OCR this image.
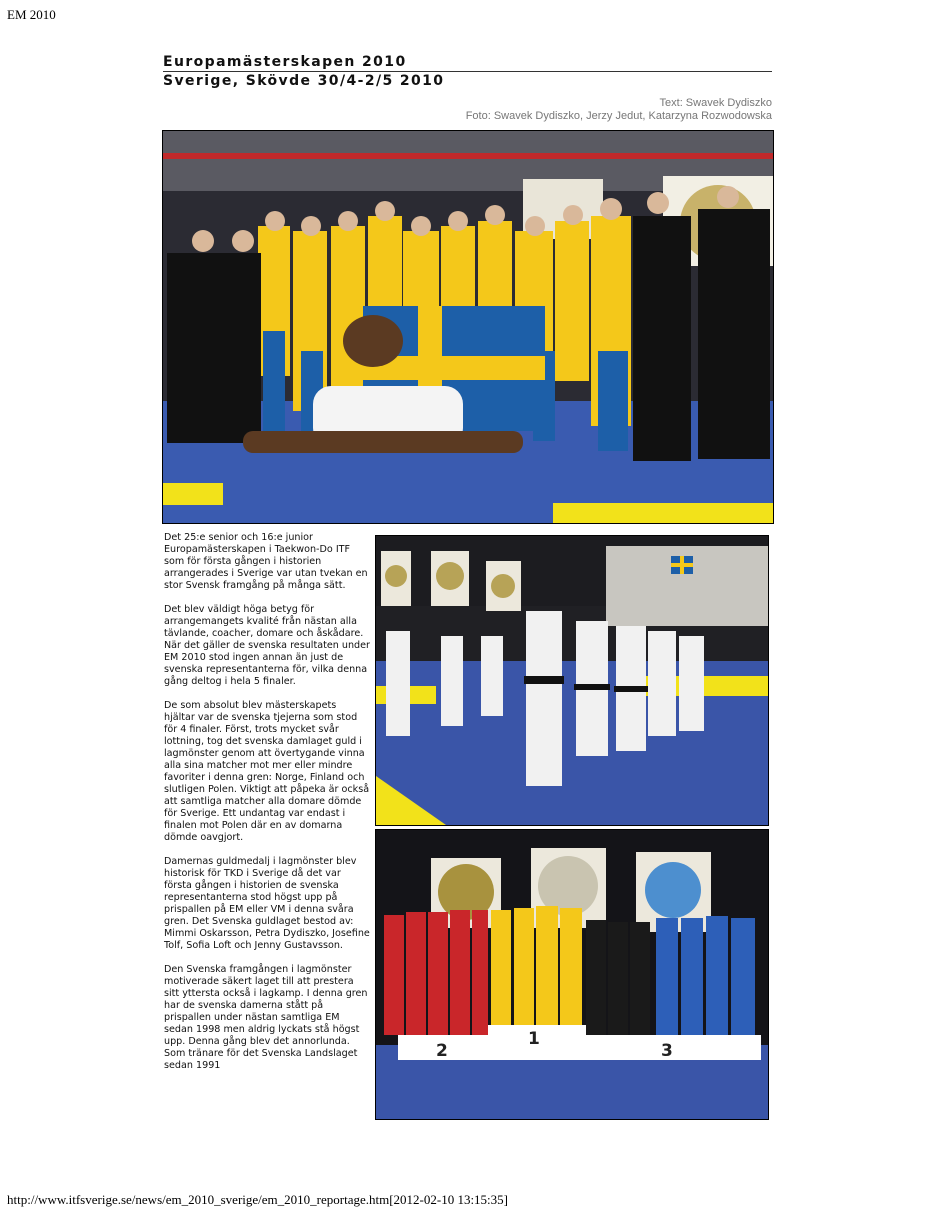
EM 2010
Europamästerskapen 2010
Sverige, Skövde 30/4-2/5 2010
Text: Swavek Dydiszko
Foto: Swavek Dydiszko, Jerzy Jedut, Katarzyna Rozwodowska

Det 25:e senior och 16:e junior Europamästerskapen i Taekwon-Do ITF som för första gången i historien arrangerades i Sverige var utan tvekan en stor Svensk framgång på många sätt.

Det blev väldigt höga betyg för arrangemangets kvalité från nästan alla tävlande, coacher, domare och åskådare. När det gäller de svenska resultaten under EM 2010 stod ingen annan än just de svenska representanterna för, vilka denna gång deltog i hela 5 finaler.

De som absolut blev mästerskapets hjältar var de svenska tjejerna som stod för 4 finaler. Först, trots mycket svår lottning, tog det svenska damlaget guld i lagmönster genom att övertygande vinna alla sina matcher mot mer eller mindre favoriter i denna gren: Norge, Finland och slutligen Polen. Viktigt att påpeka är också att samtliga matcher alla domare dömde för Sverige. Ett undantag var endast i finalen mot Polen där en av domarna dömde oavgjort.

Damernas guldmedalj i lagmönster blev historisk för TKD i Sverige då det var första gången i historien de svenska representanterna stod högst upp på prispallen på EM eller VM i denna svåra gren. Det Svenska guldlaget bestod av: Mimmi Oskarsson, Petra Dydiszko, Josefine Tolf, Sofia Loft och Jenny Gustavsson.

Den Svenska framgången i lagmönster motiverade säkert laget till att prestera sitt yttersta också i lagkamp. I denna gren har de svenska damerna stått på prispallen under nästan samtliga EM sedan 1998 men aldrig lyckats stå högst upp. Denna gång blev det annorlunda. Som tränare för det Svenska Landslaget sedan 1991

2
1
3
http://www.itfsverige.se/news/em_2010_sverige/em_2010_reportage.htm[2012-02-10 13:15:35]
